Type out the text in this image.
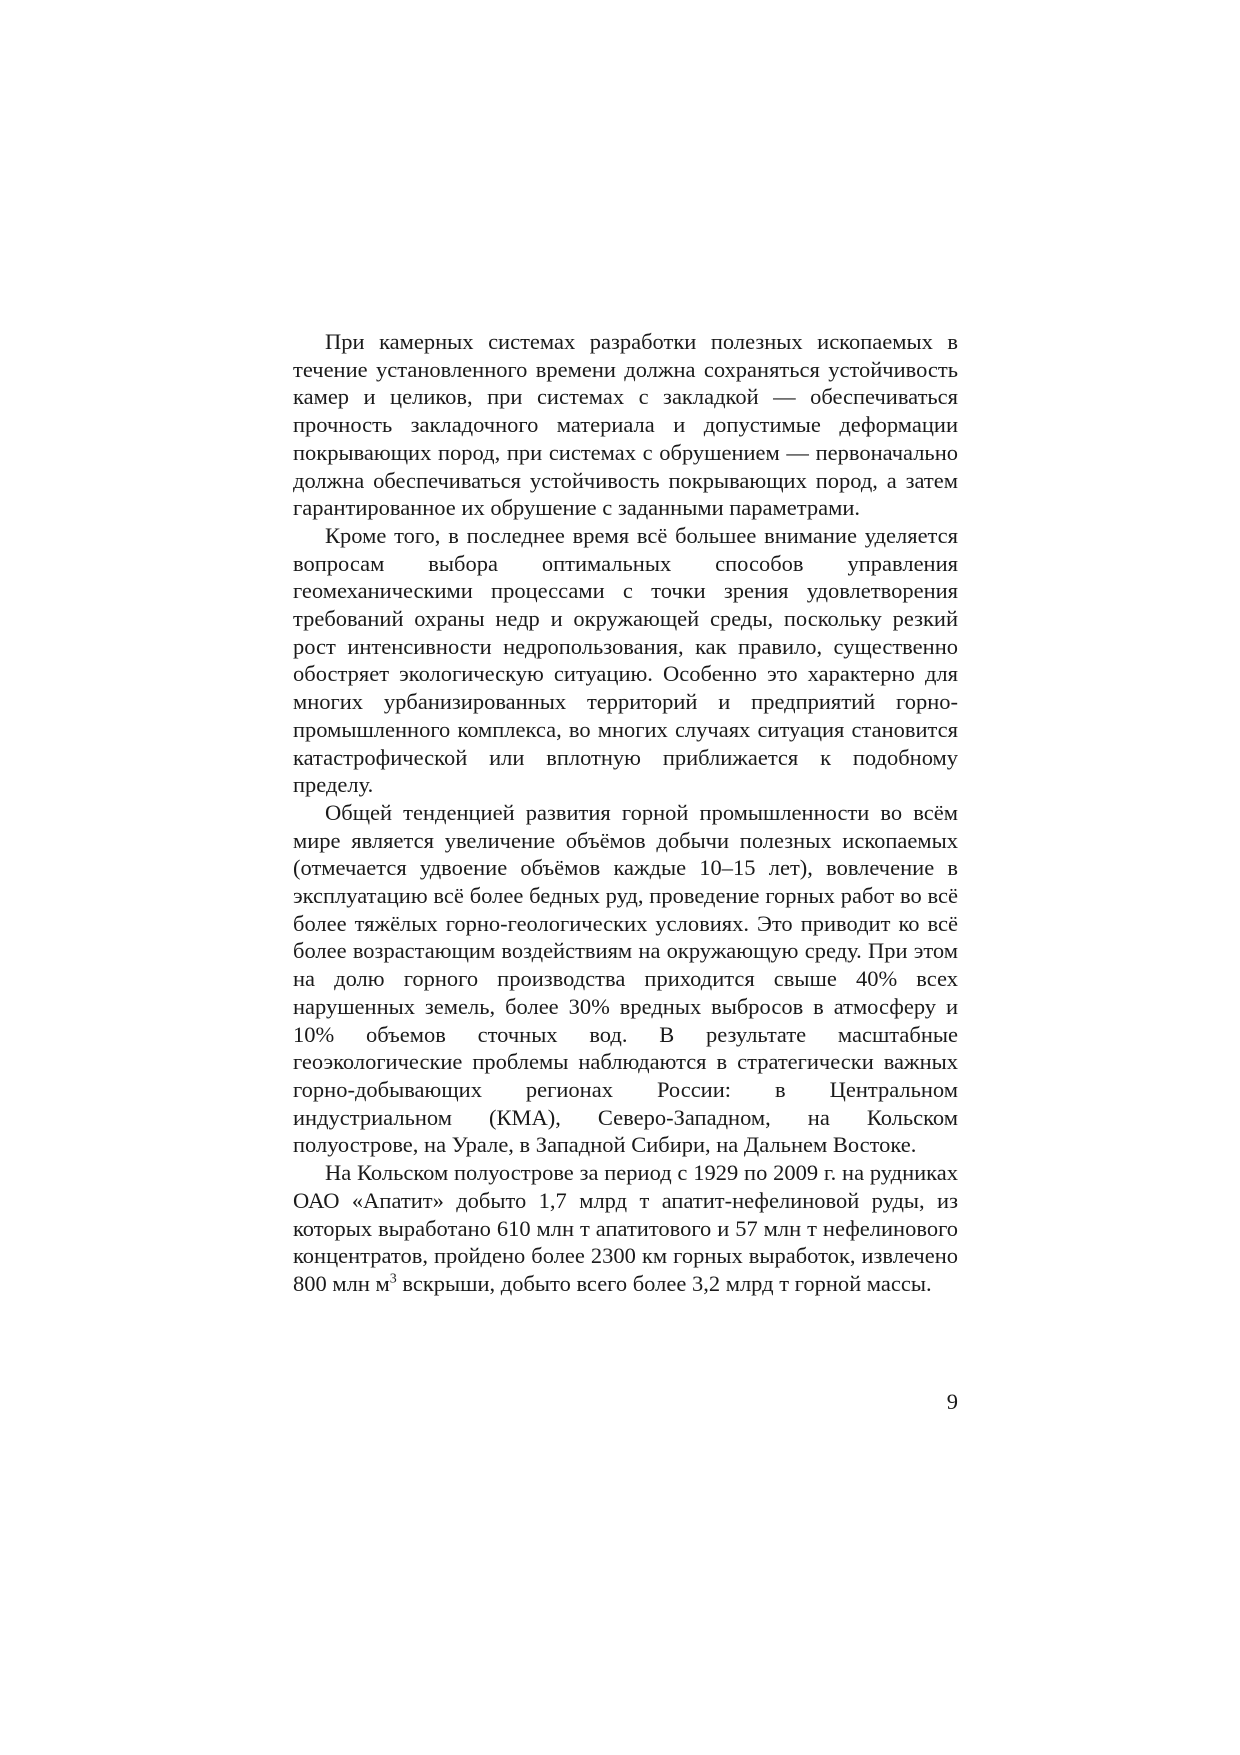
При камерных системах разработки полезных ископаемых в течение установленного времени должна сохраняться устойчивость камер и целиков, при системах с закладкой — обеспечиваться прочность закладочного материала и допустимые деформации покрывающих пород, при системах с обрушением — первоначально должна обеспечиваться устойчивость покрывающих пород, а затем гарантированное их обрушение с заданными параметрами.

Кроме того, в последнее время всё большее внимание уделяется вопросам выбора оптимальных способов управления геомеханическими процессами с точки зрения удовлетворения требований охраны недр и окружающей среды, поскольку резкий рост интенсивности недропользования, как правило, существенно обостряет экологическую ситуацию. Особенно это характерно для многих урбанизированных территорий и предприятий горно-промышленного комплекса, во многих случаях ситуация становится катастрофической или вплотную приближается к подобному пределу.

Общей тенденцией развития горной промышленности во всём мире является увеличение объёмов добычи полезных ископаемых (отмечается удвоение объёмов каждые 10–15 лет), вовлечение в эксплуатацию всё более бедных руд, проведение горных работ во всё более тяжёлых горно-геологических условиях. Это приводит ко всё более возрастающим воздействиям на окружающую среду. При этом на долю горного производства приходится свыше 40% всех нарушенных земель, более 30% вредных выбросов в атмосферу и 10% объемов сточных вод. В результате масштабные геоэкологические проблемы наблюдаются в стратегически важных горно-добывающих регионах России: в Центральном индустриальном (КМА), Северо-Западном, на Кольском полуострове, на Урале, в Западной Сибири, на Дальнем Востоке.

На Кольском полуострове за период с 1929 по 2009 г. на рудниках ОАО «Апатит» добыто 1,7 млрд т апатит-нефелиновой руды, из которых выработано 610 млн т апатитового и 57 млн т нефелинового концентратов, пройдено более 2300 км горных выработок, извлечено 800 млн $м^3$ вскрыши, добыто всего более 3,2 млрд т горной массы.

9
